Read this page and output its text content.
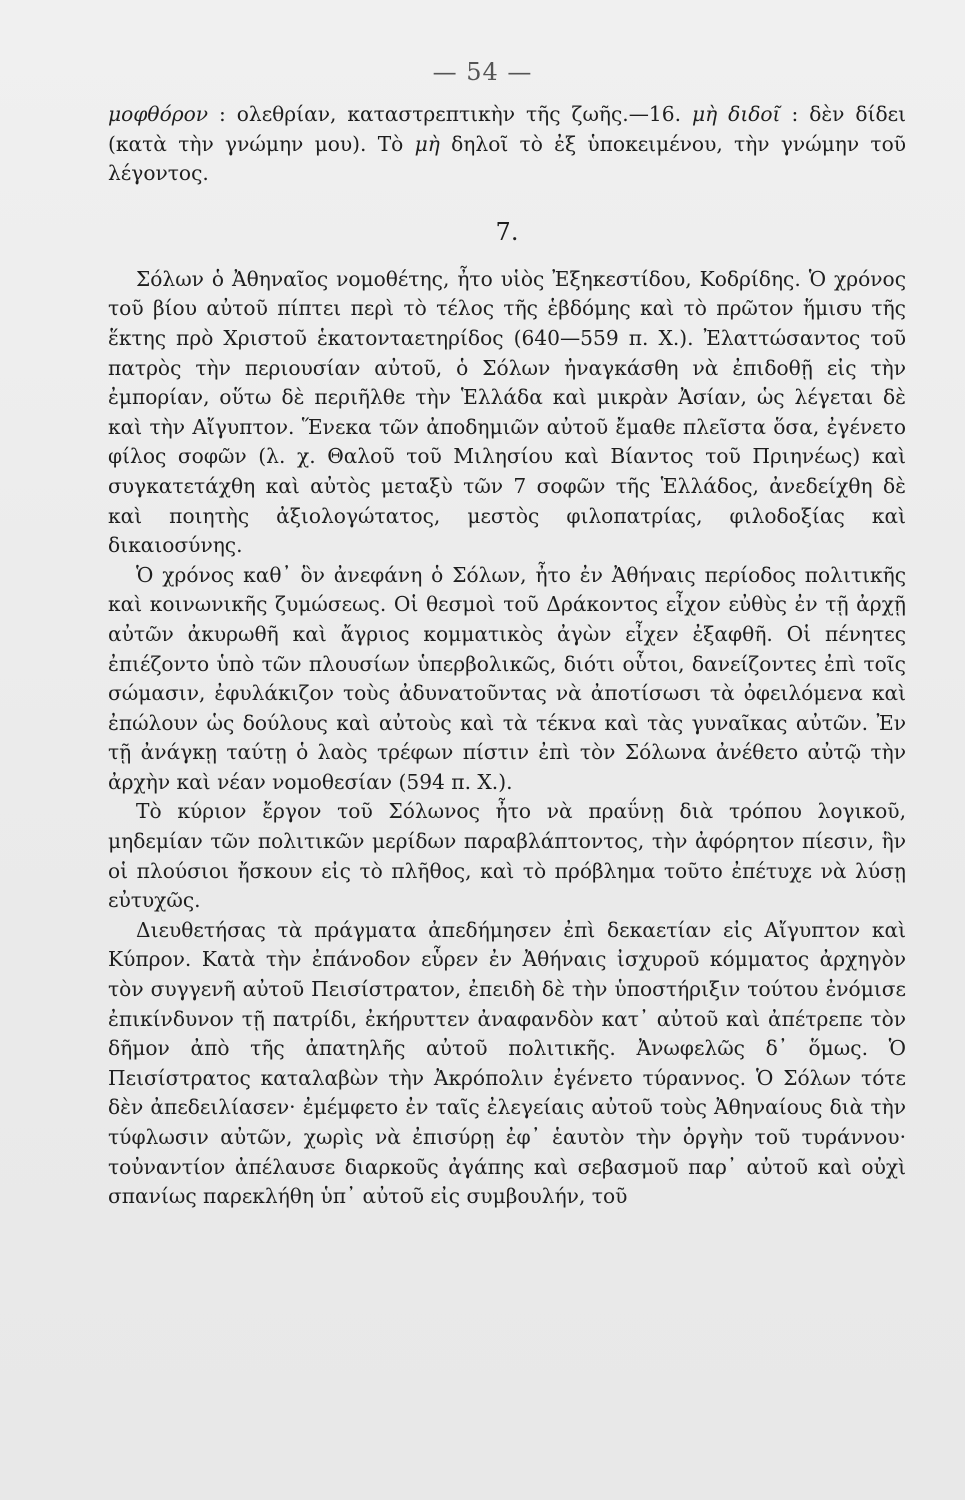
— 54 —

μοφθόρον : ολεθρίαν, καταστρεπτικὴν τῆς ζωῆς.—16. μὴ διδοῖ : δὲν δίδει (κατὰ τὴν γνώμην μου). Τὸ μὴ δηλοῖ τὸ ἐξ ὑποκειμένου, τὴν γνώμην τοῦ λέγοντος.

7.

Σόλων ὁ Ἀθηναῖος νομοθέτης, ἦτο υἱὸς Ἐξηκεστίδου, Κοδρίδης. Ὁ χρόνος τοῦ βίου αὐτοῦ πίπτει περὶ τὸ τέλος τῆς ἑβδόμης καὶ τὸ πρῶτον ἥμισυ τῆς ἕκτης πρὸ Χριστοῦ ἑκατονταετηρίδος (640—559 π. Χ.). Ἐλαττώσαντος τοῦ πατρὸς τὴν περιουσίαν αὐτοῦ, ὁ Σόλων ἠναγκάσθη νὰ ἐπιδοθῇ εἰς τὴν ἐμπορίαν, οὕτω δὲ περιῆλθε τὴν Ἑλλάδα καὶ μικρὰν Ἀσίαν, ὡς λέγεται δὲ καὶ τὴν Αἴγυπτον. Ἕνεκα τῶν ἀποδημιῶν αὐτοῦ ἔμαθε πλεῖστα ὅσα, ἐγένετο φίλος σοφῶν (λ. χ. Θαλοῦ τοῦ Μιλησίου καὶ Βίαντος τοῦ Πριηνέως) καὶ συγκατετάχθη καὶ αὐτὸς μεταξὺ τῶν 7 σοφῶν τῆς Ἑλλάδος, ἀνεδείχθη δὲ καὶ ποιητὴς ἀξιολογώτατος, μεστὸς φιλοπατρίας, φιλοδοξίας καὶ δικαιοσύνης.

Ὁ χρόνος καθ᾽ ὃν ἀνεφάνη ὁ Σόλων, ἦτο ἐν Ἀθήναις περίοδος πολιτικῆς καὶ κοινωνικῆς ζυμώσεως. Οἱ θεσμοὶ τοῦ Δράκοντος εἶχον εὐθὺς ἐν τῇ ἀρχῇ αὐτῶν ἀκυρωθῆ καὶ ἄγριος κομματικὸς ἀγὼν εἶχεν ἐξαφθῆ. Οἱ πένητες ἐπιέζοντο ὑπὸ τῶν πλουσίων ὑπερβολικῶς, διότι οὗτοι, δανείζοντες ἐπὶ τοῖς σώμασιν, ἐφυλάκιζον τοὺς ἀδυνατοῦντας νὰ ἀποτίσωσι τὰ ὀφειλόμενα καὶ ἐπώλουν ὡς δούλους καὶ αὐτοὺς καὶ τὰ τέκνα καὶ τὰς γυναῖκας αὐτῶν. Ἐν τῇ ἀνάγκῃ ταύτῃ ὁ λαὸς τρέφων πίστιν ἐπὶ τὸν Σόλωνα ἀνέθετο αὐτῷ τὴν ἀρχὴν καὶ νέαν νομοθεσίαν (594 π. Χ.).

Τὸ κύριον ἔργον τοῦ Σόλωνος ἦτο νὰ πραΰνῃ διὰ τρόπου λογικοῦ, μηδεμίαν τῶν πολιτικῶν μερίδων παραβλάπτοντος, τὴν ἀφόρητον πίεσιν, ἣν οἱ πλούσιοι ἤσκουν εἰς τὸ πλῆθος, καὶ τὸ πρόβλημα τοῦτο ἐπέτυχε νὰ λύσῃ εὐτυχῶς.

Διευθετήσας τὰ πράγματα ἀπεδήμησεν ἐπὶ δεκαετίαν εἰς Αἴγυπτον καὶ Κύπρον. Κατὰ τὴν ἐπάνοδον εὗρεν ἐν Ἀθήναις ἰσχυροῦ κόμματος ἀρχηγὸν τὸν συγγενῆ αὐτοῦ Πεισίστρατον, ἐπειδὴ δὲ τὴν ὑποστήριξιν τούτου ἐνόμισε ἐπικίνδυνον τῇ πατρίδι, ἐκήρυττεν ἀναφανδὸν κατ᾽ αὐτοῦ καὶ ἀπέτρεπε τὸν δῆμον ἀπὸ τῆς ἀπατηλῆς αὐτοῦ πολιτικῆς. Ἀνωφελῶς δ᾽ ὅμως. Ὁ Πεισίστρατος καταλαβὼν τὴν Ἀκρόπολιν ἐγένετο τύραννος. Ὁ Σόλων τότε δὲν ἀπεδειλίασεν· ἐμέμφετο ἐν ταῖς ἐλεγείαις αὐτοῦ τοὺς Ἀθηναίους διὰ τὴν τύφλωσιν αὐτῶν, χωρὶς νὰ ἐπισύρῃ ἐφ᾽ ἑαυτὸν τὴν ὀργὴν τοῦ τυράννου· τοὐναντίον ἀπέλαυσε διαρκοῦς ἀγάπης καὶ σεβασμοῦ παρ᾽ αὐτοῦ καὶ οὐχὶ σπανίως παρεκλήθη ὑπ᾽ αὐτοῦ εἰς συμβουλήν, τοῦ
